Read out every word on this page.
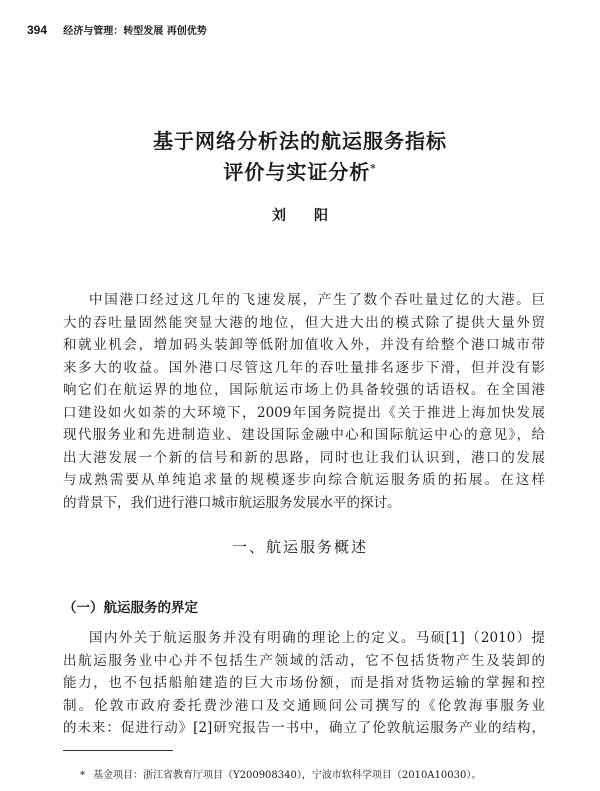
394 经济与管理：转型发展 再创优势
基于网络分析法的航运服务指标
评价与实证分析*
刘 阳
中国港口经过这几年的飞速发展，产生了数个吞吐量过亿的大港。巨
大的吞吐量固然能突显大港的地位，但大进大出的模式除了提供大量外贸
和就业机会，增加码头装卸等低附加值收入外，并没有给整个港口城市带
来多大的收益。国外港口尽管这几年的吞吐量排名逐步下滑，但并没有影
响它们在航运界的地位，国际航运市场上仍具备较强的话语权。在全国港
口建设如火如荼的大环境下，2009年国务院提出《关于推进上海加快发展
现代服务业和先进制造业、建设国际金融中心和国际航运中心的意见》，给
出大港发展一个新的信号和新的思路，同时也让我们认识到，港口的发展
与成熟需要从单纯追求量的规模逐步向综合航运服务质的拓展。在这样
的背景下，我们进行港口城市航运服务发展水平的探讨。
一、航运服务概述
（一）航运服务的界定
国内外关于航运服务并没有明确的理论上的定义。马硕[1]（2010）提
出航运服务业中心并不包括生产领域的活动，它不包括货物产生及装卸的
能力，也不包括船舶建造的巨大市场份额，而是指对货物运输的掌握和控
制。伦敦市政府委托费沙港口及交通顾问公司撰写的《伦敦海事服务业
的未来：促进行动》[2]研究报告一书中，确立了伦敦航运服务产业的结构，
* 基金项目：浙江省教育厅项目（Y200908340），宁波市软科学项目（2010A10030）。
